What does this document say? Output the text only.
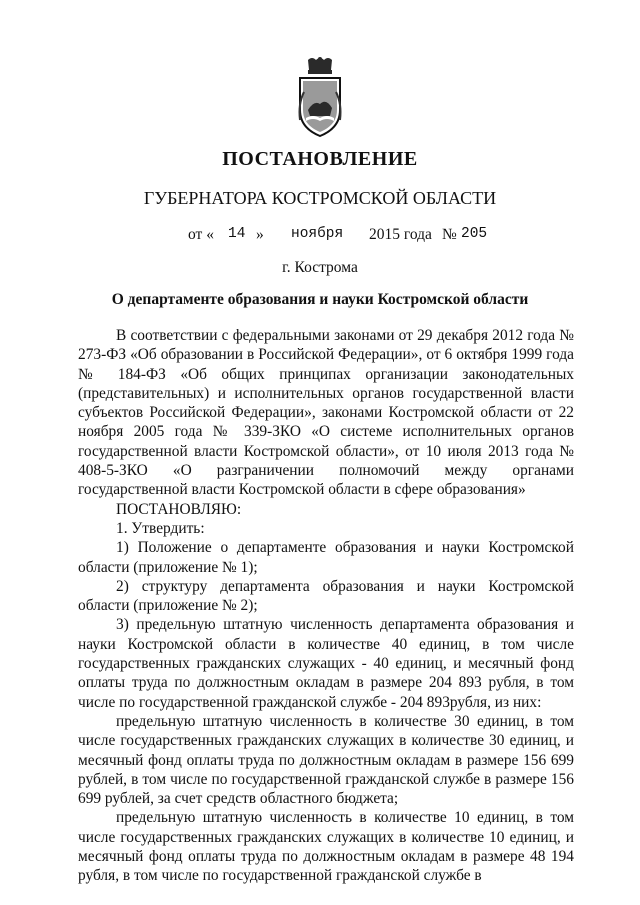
ПОСТАНОВЛЕНИЕ
ГУБЕРНАТОРА КОСТРОМСКОЙ ОБЛАСТИ
от « 14 » ноября 2015 года № 205
г. Кострома
О департаменте образования и науки Костромской области

В соответствии с федеральными законами от 29 декабря 2012 года № 273-ФЗ «Об образовании в Российской Федерации», от 6 октября 1999 года № 184-ФЗ «Об общих принципах организации законодательных (представительных) и исполнительных органов государственной власти субъектов Российской Федерации», законами Костромской области от 22 ноября 2005 года № 339-ЗКО «О системе исполнительных органов государственной власти Костромской области», от 10 июля 2013 года № 408-5-ЗКО «О разграничении полномочий между органами государственной власти Костромской области в сфере образования»

ПОСТАНОВЛЯЮ:

1. Утвердить:

1) Положение о департаменте образования и науки Костромской области (приложение № 1);

2) структуру департамента образования и науки Костромской области (приложение № 2);

3) предельную штатную численность департамента образования и науки Костромской области в количестве 40 единиц, в том числе государственных гражданских служащих - 40 единиц, и месячный фонд оплаты труда по должностным окладам в размере 204 893 рубля, в том числе по государственной гражданской службе - 204 893рубля, из них:

предельную штатную численность в количестве 30 единиц, в том числе государственных гражданских служащих в количестве 30 единиц, и месячный фонд оплаты труда по должностным окладам в размере 156 699 рублей, в том числе по государственной гражданской службе в размере 156 699 рублей, за счет средств областного бюджета;

предельную штатную численность в количестве 10 единиц, в том числе государственных гражданских служащих в количестве 10 единиц, и месячный фонд оплаты труда по должностным окладам в размере 48 194 рубля, в том числе по государственной гражданской службе в
